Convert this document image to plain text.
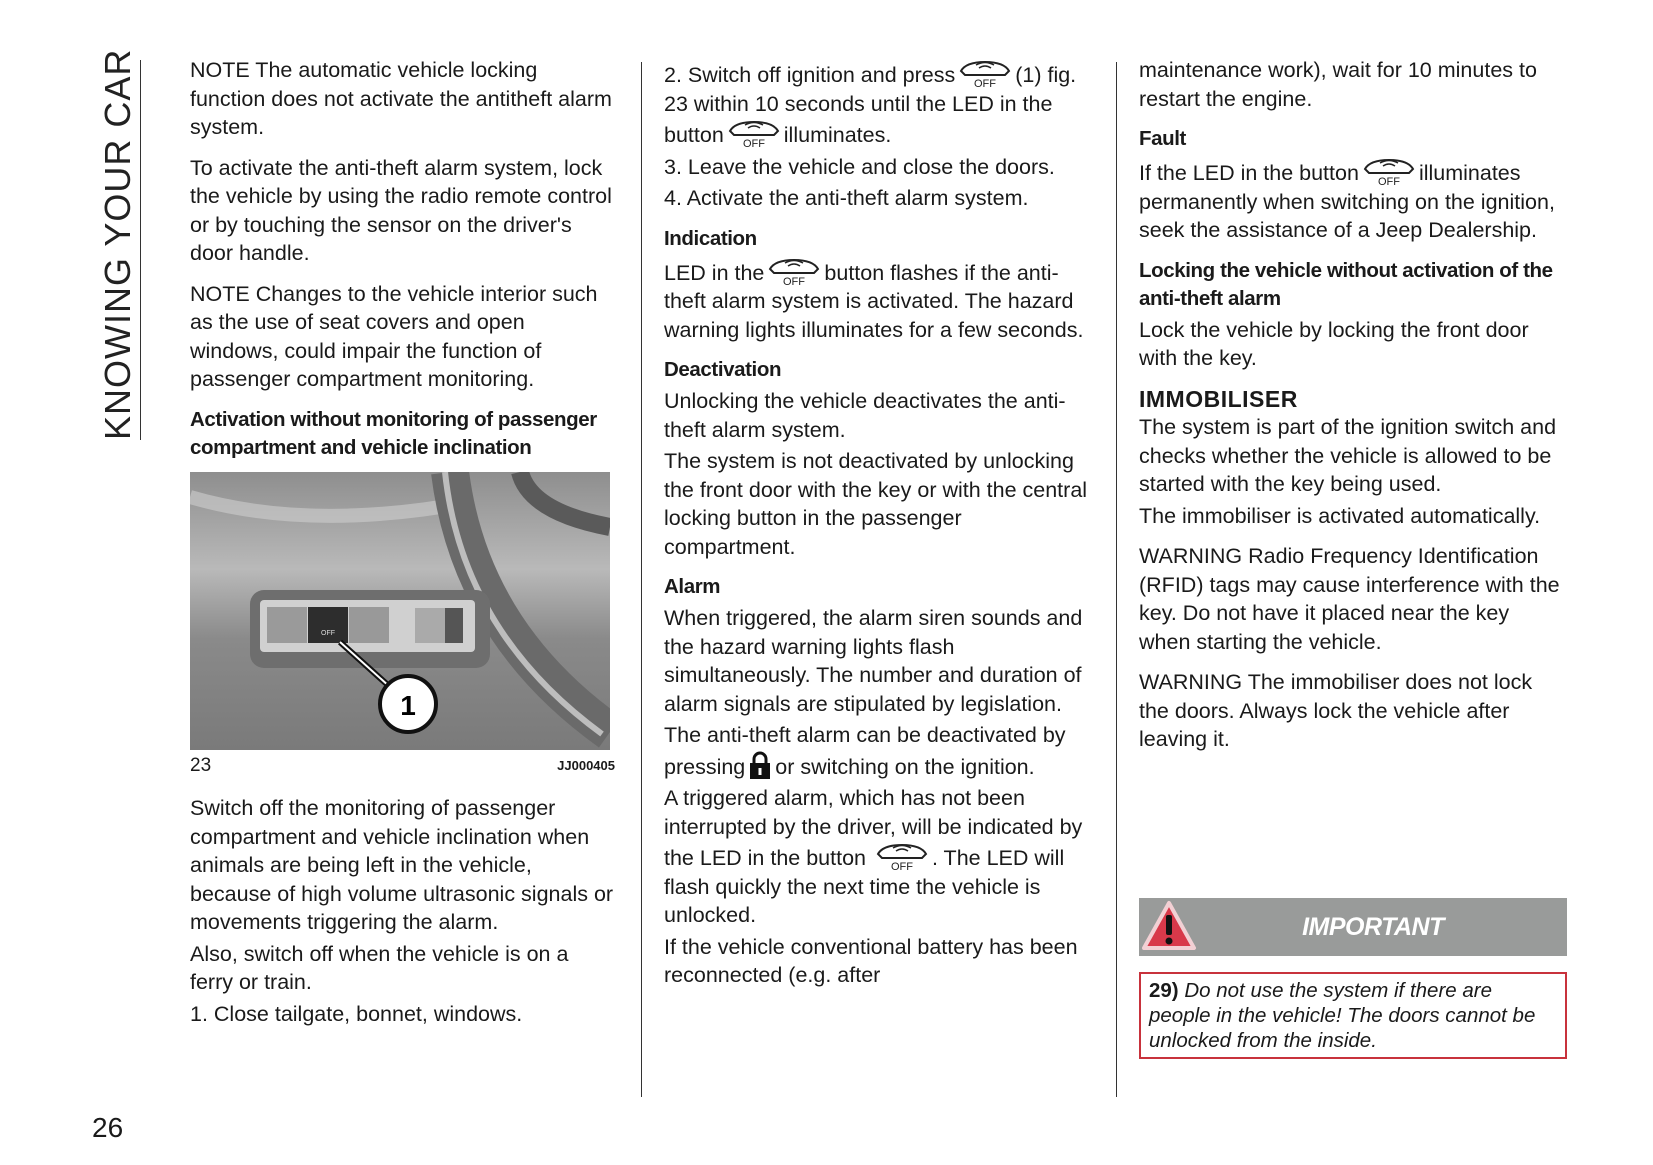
KNOWING YOUR CAR NOTE The automatic vehicle locking function does not activate the antitheft alarm system.

To activate the anti-theft alarm system, lock the vehicle by using the radio remote control or by touching the sensor on the driver's door handle.

NOTE Changes to the vehicle interior such as the use of seat covers and open windows, could impair the function of passenger compartment monitoring.

Activation without monitoring of passenger compartment and vehicle inclination
OFF
1
23	JJ000405

Switch off the monitoring of passenger compartment and vehicle inclination when animals are being left in the vehicle, because of high volume ultrasonic signals or movements triggering the alarm.

Also, switch off when the vehicle is on a ferry or train.

1. Close tailgate, bonnet, windows.

2. Switch off ignition and press	(1) fig. 23 within 10 seconds until the LED in the button	illuminates.

3. Leave the vehicle and close the doors.

4. Activate the anti-theft alarm system.

Indication

LED in the	button flashes if the anti-theft alarm system is activated. The hazard warning lights illuminates for a few seconds.

Deactivation

Unlocking the vehicle deactivates the anti-theft alarm system.

The system is not deactivated by unlocking the front door with the key or with the central locking button in the passenger compartment.

Alarm

When triggered, the alarm siren sounds and the hazard warning lights flash simultaneously. The number and duration of alarm signals are stipulated by legislation.

The anti-theft alarm can be deactivated by pressing or switching on the ignition.

A triggered alarm, which has not been interrupted by the driver, will be indicated by the LED in the button	. The LED will flash quickly the next time the vehicle is unlocked.

If the vehicle conventional battery has been reconnected (e.g. after

maintenance work), wait for 10 minutes to restart the engine.

Fault

If the LED in the button	illuminates permanently when switching on the ignition, seek the assistance of a Jeep Dealership.

Locking the vehicle without activation of the anti-theft alarm

Lock the vehicle by locking the front door with the key.

IMMOBILISER

The system is part of the ignition switch and checks whether the vehicle is allowed to be started with the key being used.

The immobiliser is activated automatically.

WARNING Radio Frequency Identification (RFID) tags may cause interference with the key. Do not have it placed near the key when starting the vehicle.

WARNING The immobiliser does not lock the doors. Always lock the vehicle after leaving it.

IMPORTANT
29) Do not use the system if there are people in the vehicle! The doors cannot be unlocked from the inside.
26
